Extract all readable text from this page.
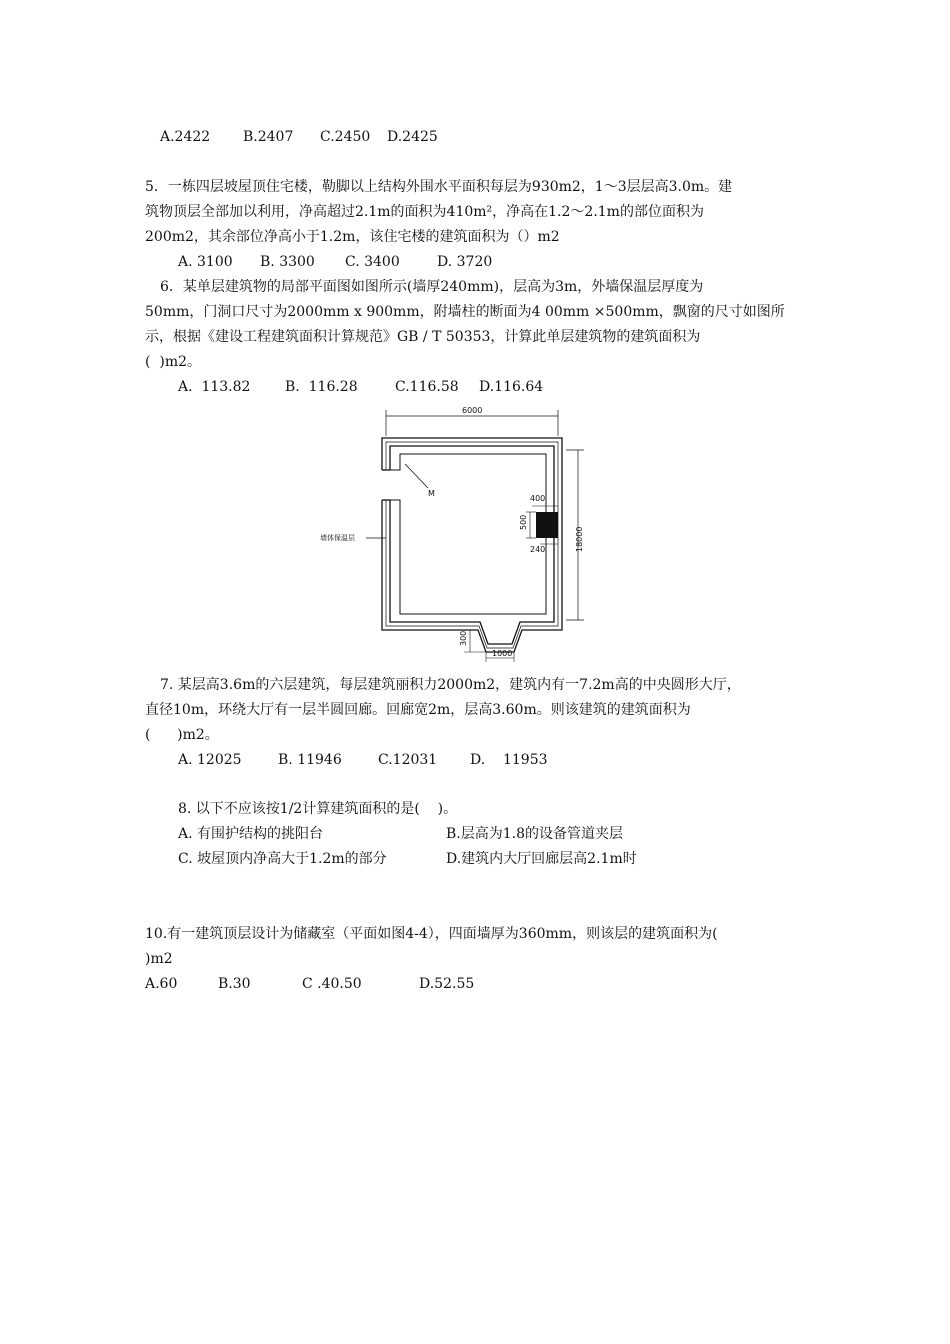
A.2422 B.2407 C.2450 D.2425
5．一栋四层坡屋顶住宅楼，勒脚以上结构外围水平面积每层为930m2，1～3层层高3.0m。建
筑物顶层全部加以利用，净高超过2.1m的面积为410m²，净高在1.2～2.1m的部位面积为
200m2，其余部位净高小于1.2m，该住宅楼的建筑面积为（）m2
A. 3100 B. 3300 C. 3400	D. 3720
6．某单层建筑物的局部平面图如图所示(墙厚240mm)，层高为3m，外墙保温层厚度为
50mm，门洞口尺寸为2000mm x 900mm，附墙柱的断面为4 00mm ×500mm，飘窗的尺寸如图所
示，根据《建设工程建筑面积计算规范》GB / T 50353，计算此单层建筑物的建筑面积为
(  )m2。
A.  113.82 B.  116.28	C.116.58 D.116.64
M
墙体保温层
6000
18000
400
500
240
300
1000
7. 某层高3.6m的六层建筑，每层建筑丽积力2000m2，建筑内有一7.2m高的中央圆形大厅，
直径10m，环绕大厅有一层半圆回廊。回廊宽2m，层高3.60m。则该建筑的建筑面积为
(      )m2。
A. 12025	B. 11946	C.12031 D.    11953
8. 以下不应该按1/2计算建筑面积的是(    )。
A. 有围护结构的挑阳台	B.层高为1.8的设备管道夹层
C. 坡屋顶内净高大于1.2m的部分	D.建筑内大厅回廊层高2.1m时
10.有一建筑顶层设计为储藏室（平面如图4-4），四面墙厚为360mm，则该层的建筑面积为(
)m2
A.60	B.30	C .40.50	D.52.55
